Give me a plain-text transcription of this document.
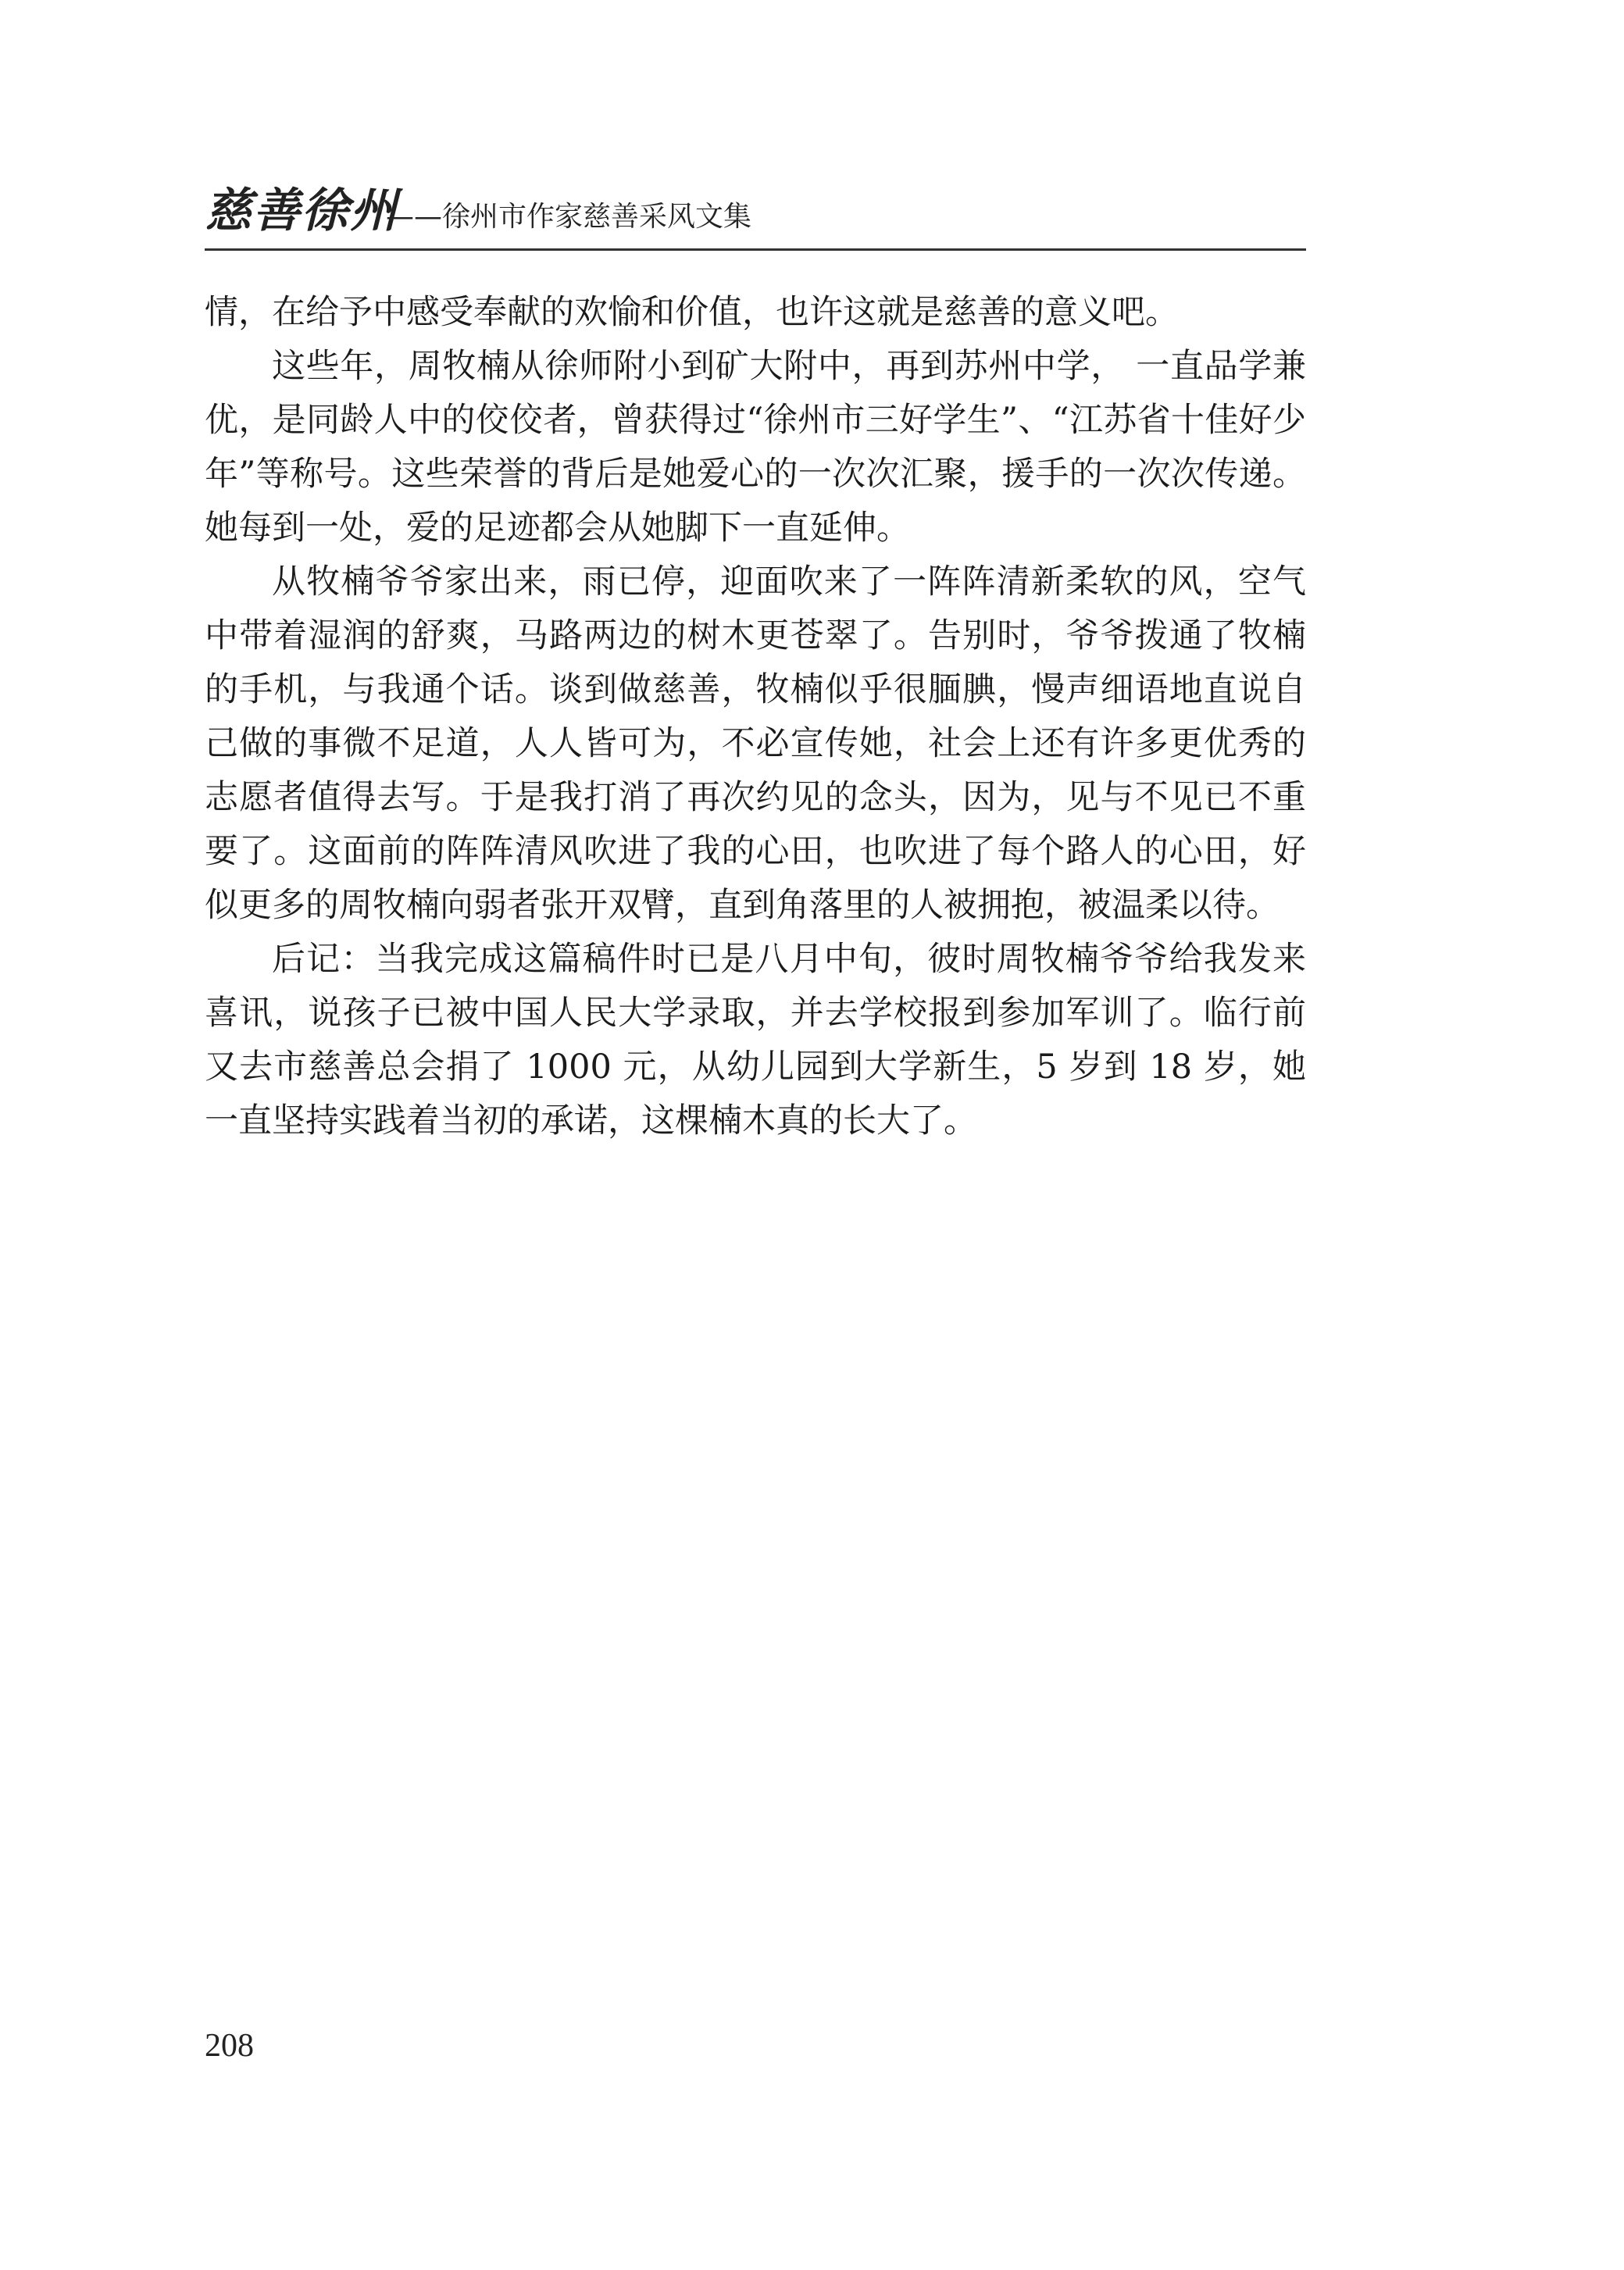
慈善徐州
——徐州市作家慈善采风文集

情，在给予中感受奉献的欢愉和价值，也许这就是慈善的意义吧。

这些年，周牧楠从徐师附小到矿大附中，再到苏州中学， 一直品学兼优，是同龄人中的佼佼者，曾获得过“徐州市三好学生”、“江苏省十佳好少年”等称号。这些荣誉的背后是她爱心的一次次汇聚，援手的一次次传递。她每到一处，爱的足迹都会从她脚下一直延伸。

从牧楠爷爷家出来，雨已停，迎面吹来了一阵阵清新柔软的风，空气中带着湿润的舒爽，马路两边的树木更苍翠了。告别时，爷爷拨通了牧楠的手机，与我通个话。谈到做慈善，牧楠似乎很腼腆，慢声细语地直说自己做的事微不足道，人人皆可为，不必宣传她，社会上还有许多更优秀的志愿者值得去写。于是我打消了再次约见的念头，因为，见与不见已不重要了。这面前的阵阵清风吹进了我的心田，也吹进了每个路人的心田，好似更多的周牧楠向弱者张开双臂，直到角落里的人被拥抱，被温柔以待。

后记：当我完成这篇稿件时已是八月中旬，彼时周牧楠爷爷给我发来喜讯，说孩子已被中国人民大学录取，并去学校报到参加军训了。临行前又去市慈善总会捐了 1000 元，从幼儿园到大学新生，5 岁到 18 岁，她一直坚持实践着当初的承诺，这棵楠木真的长大了。

208
